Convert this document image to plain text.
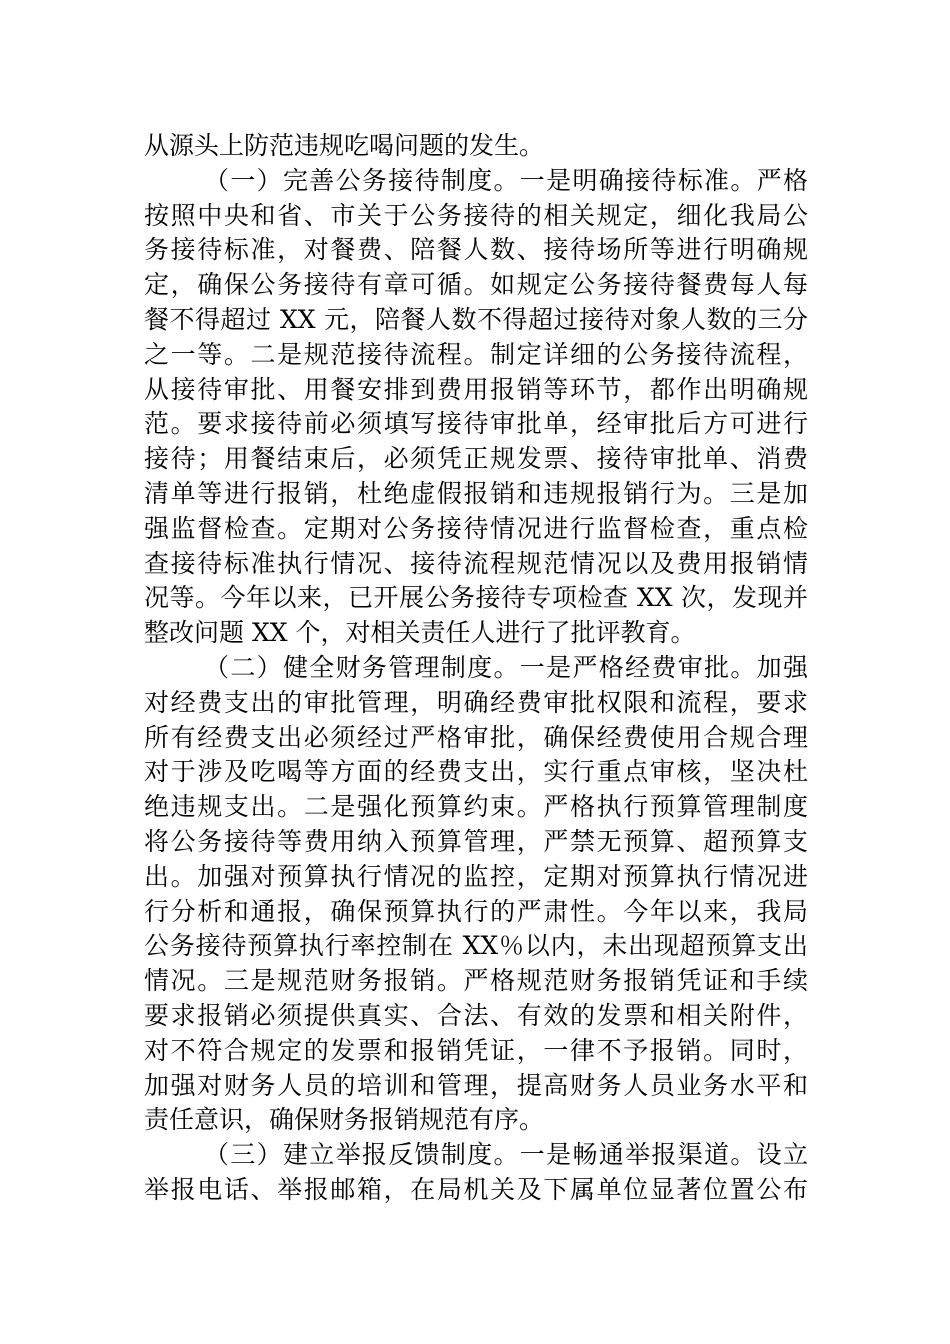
从源头上防范违规吃喝问题的发生。
（一）完善公务接待制度。一是明确接待标准。严格
按照中央和省、市关于公务接待的相关规定，细化我局公
务接待标准，对餐费、陪餐人数、接待场所等进行明确规
定，确保公务接待有章可循。如规定公务接待餐费每人每
餐不得超过 XX 元，陪餐人数不得超过接待对象人数的三分
之一等。二是规范接待流程。制定详细的公务接待流程，
从接待审批、用餐安排到费用报销等环节，都作出明确规
范。要求接待前必须填写接待审批单，经审批后方可进行
接待；用餐结束后，必须凭正规发票、接待审批单、消费
清单等进行报销，杜绝虚假报销和违规报销行为。三是加
强监督检查。定期对公务接待情况进行监督检查，重点检
查接待标准执行情况、接待流程规范情况以及费用报销情
况等。今年以来，已开展公务接待专项检查 XX 次，发现并
整改问题 XX 个，对相关责任人进行了批评教育。
（二）健全财务管理制度。一是严格经费审批。加强
对经费支出的审批管理，明确经费审批权限和流程，要求
所有经费支出必须经过严格审批，确保经费使用合规合理
对于涉及吃喝等方面的经费支出，实行重点审核，坚决杜
绝违规支出。二是强化预算约束。严格执行预算管理制度
将公务接待等费用纳入预算管理，严禁无预算、超预算支
出。加强对预算执行情况的监控，定期对预算执行情况进
行分析和通报，确保预算执行的严肃性。今年以来，我局
公务接待预算执行率控制在 XX％以内，未出现超预算支出
情况。三是规范财务报销。严格规范财务报销凭证和手续
要求报销必须提供真实、合法、有效的发票和相关附件，
对不符合规定的发票和报销凭证，一律不予报销。同时，
加强对财务人员的培训和管理，提高财务人员业务水平和
责任意识，确保财务报销规范有序。
（三）建立举报反馈制度。一是畅通举报渠道。设立
举报电话、举报邮箱，在局机关及下属单位显著位置公布
